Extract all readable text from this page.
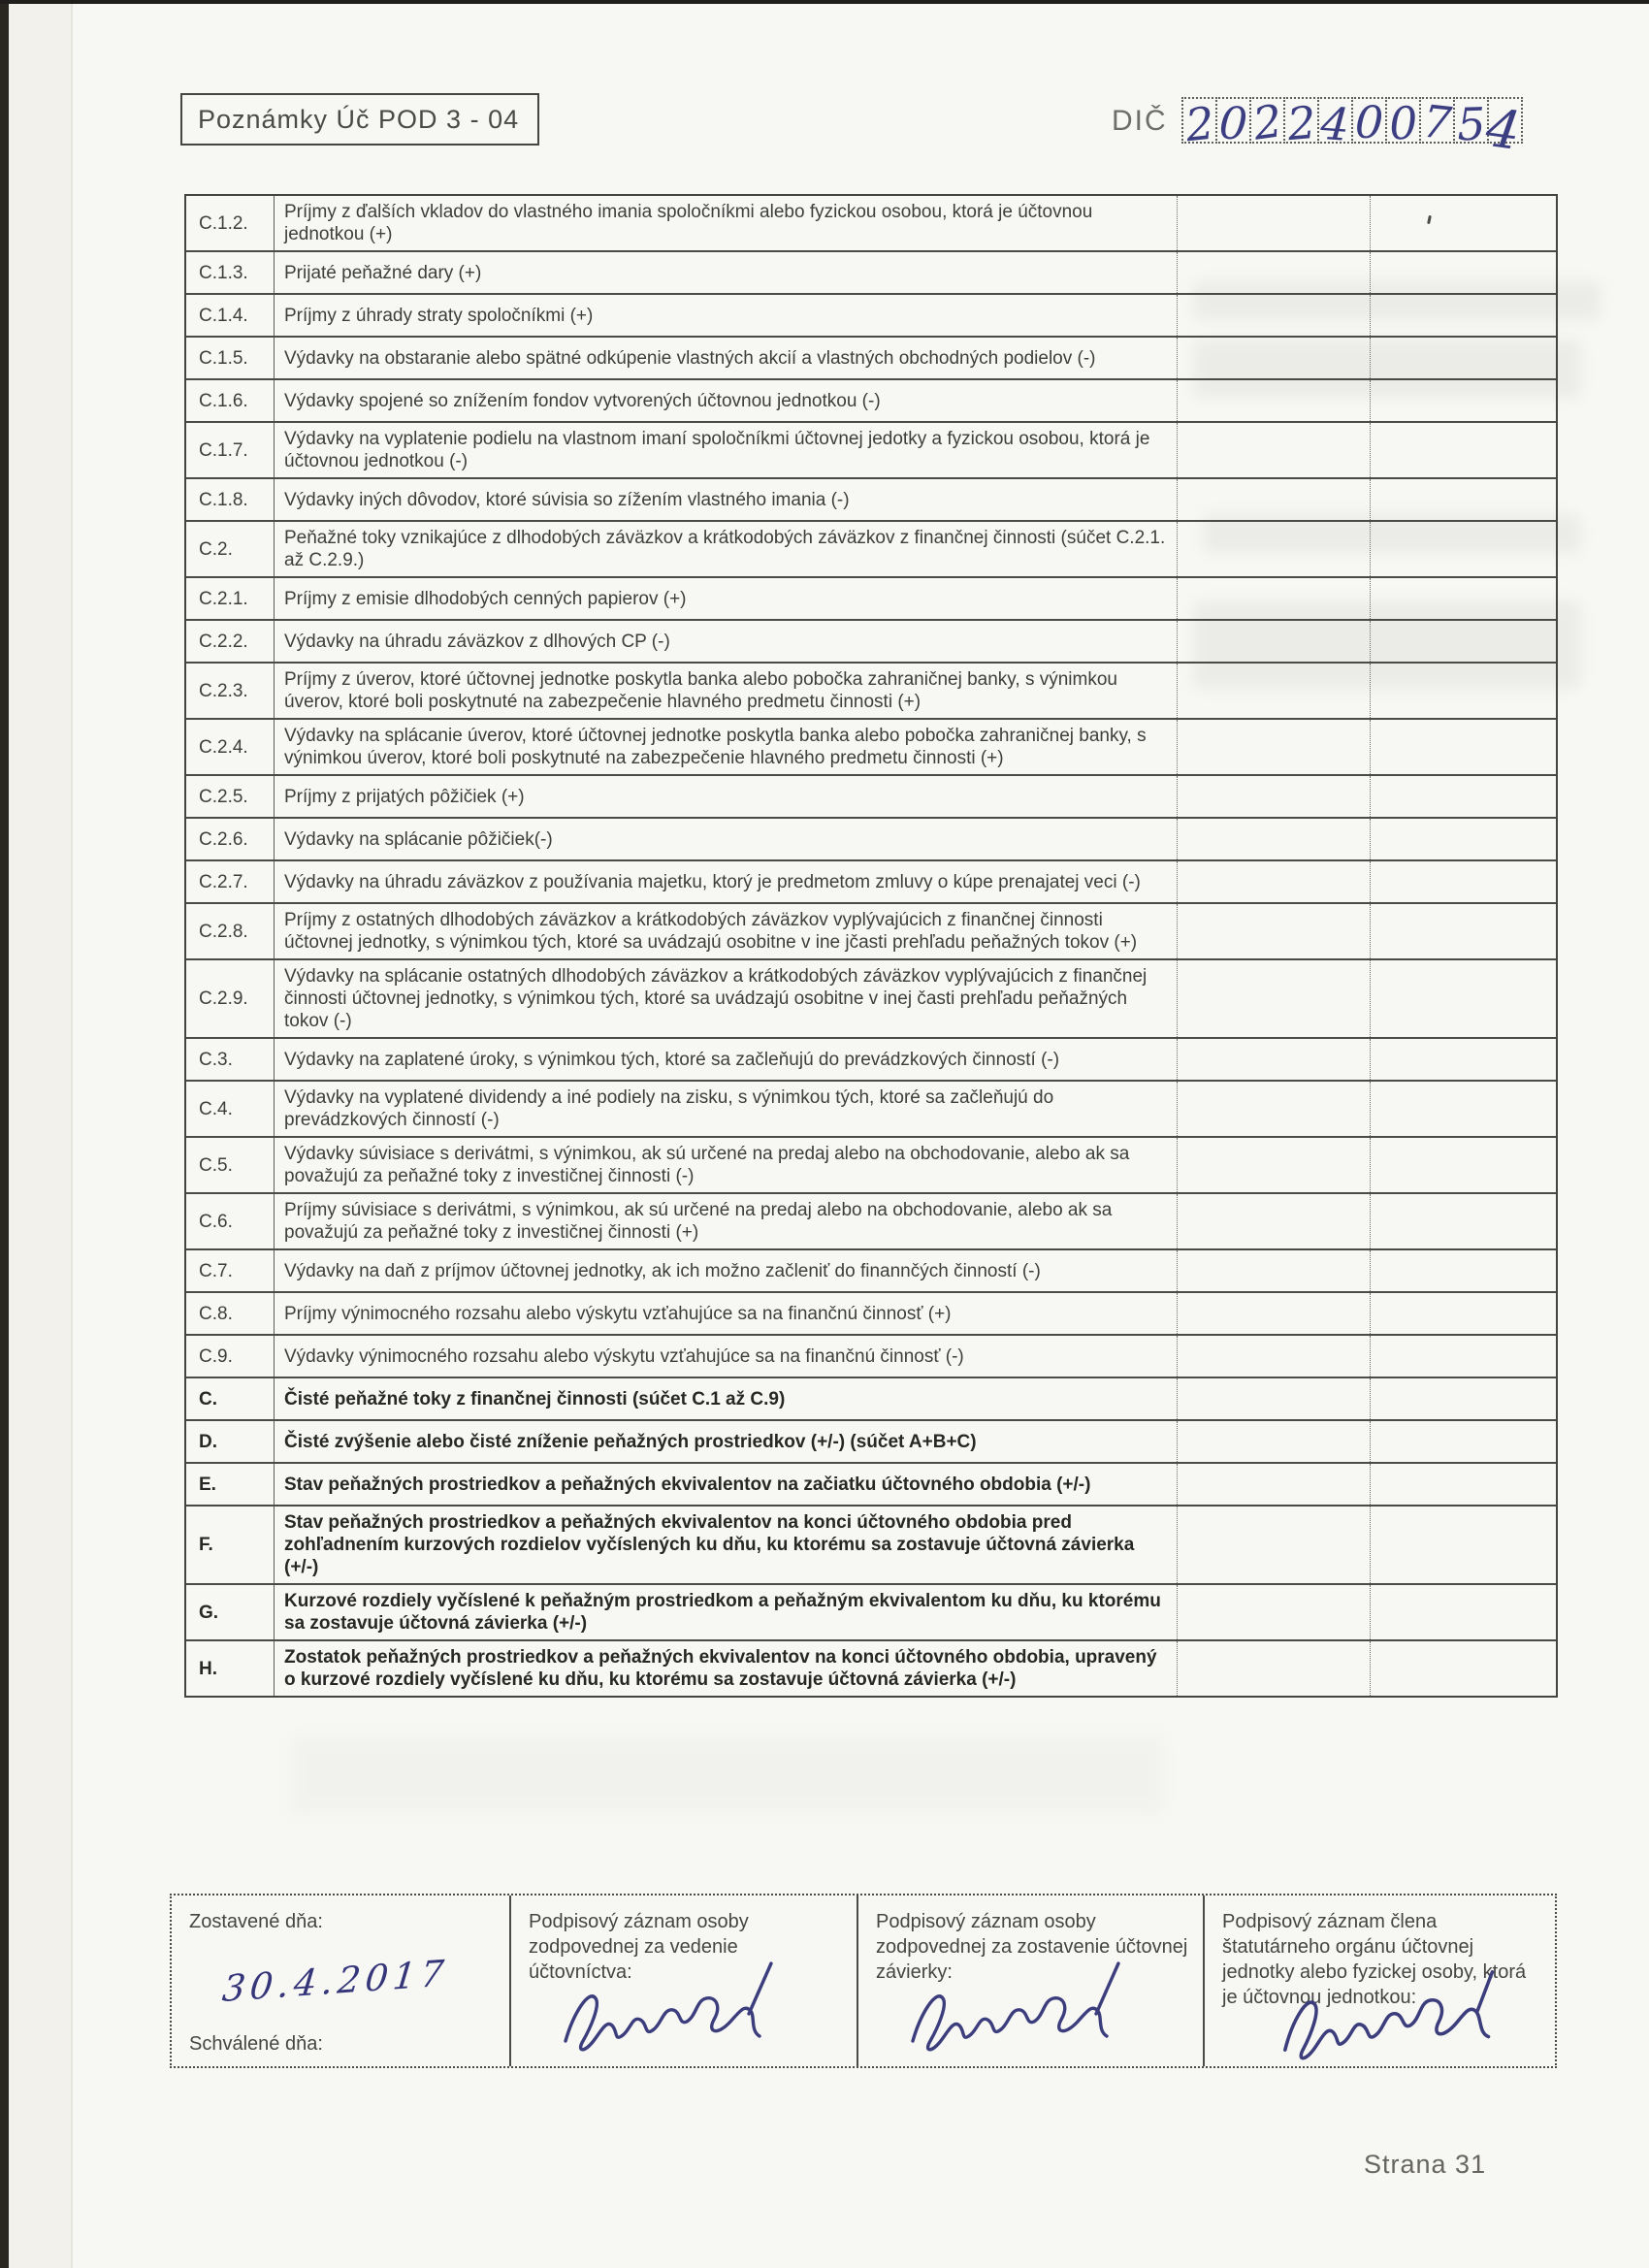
Poznámky Úč POD 3 - 04	DIČ 2 0 2 2 4 0 0 7 5
4
C.1.2.
Príjmy z ďalších vkladov do vlastného imania spoločníkmi alebo fyzickou osobou, ktorá je účtovnou jednotkou (+)
C.1.3.	Prijaté peňažné dary (+)
C.1.4.	Príjmy z úhrady straty spoločníkmi (+)
C.1.5.	Výdavky na obstaranie alebo spätné odkúpenie vlastných akcií a vlastných obchodných podielov (-)
C.1.6.	Výdavky spojené so znížením fondov vytvorených účtovnou jednotkou (-)
C.1.7.
Výdavky na vyplatenie podielu na vlastnom imaní spoločníkmi účtovnej jedotky a fyzickou osobou, ktorá je účtovnou jednotkou (-)
C.1.8.	Výdavky iných dôvodov, ktoré súvisia so zížením vlastného imania (-)
C.2.
Peňažné toky vznikajúce z dlhodobých záväzkov a krátkodobých záväzkov z finančnej činnosti (súčet C.2.1. až C.2.9.)
C.2.1.	Príjmy z emisie dlhodobých cenných papierov (+)
C.2.2.	Výdavky na úhradu záväzkov z dlhových CP (-)
C.2.3.
Príjmy z úverov, ktoré účtovnej jednotke poskytla banka alebo pobočka zahraničnej banky, s výnimkou úverov, ktoré boli poskytnuté na zabezpečenie hlavného predmetu činnosti (+)
C.2.4.
Výdavky na splácanie úverov, ktoré účtovnej jednotke poskytla banka alebo pobočka zahraničnej banky, s výnimkou úverov, ktoré boli poskytnuté na zabezpečenie hlavného predmetu činnosti (+)
C.2.5.	Príjmy z prijatých pôžičiek (+)
C.2.6.	Výdavky na splácanie pôžičiek(-)
C.2.7.	Výdavky na úhradu záväzkov z používania majetku, ktorý je predmetom zmluvy o kúpe prenajatej veci (-)
C.2.8.
Príjmy z ostatných dlhodobých záväzkov a krátkodobých záväzkov vyplývajúcich z finančnej činnosti účtovnej jednotky, s výnimkou tých, ktoré sa uvádzajú osobitne v ine jčasti prehľadu peňažných tokov (+)
C.2.9.
Výdavky na splácanie ostatných dlhodobých záväzkov a krátkodobých záväzkov vyplývajúcich z finančnej činnosti účtovnej jednotky, s výnimkou tých, ktoré sa uvádzajú osobitne v inej časti prehľadu peňažných tokov (-)
C.3.	Výdavky na zaplatené úroky, s výnimkou tých, ktoré sa začleňujú do prevádzkových činností (-)
C.4.
Výdavky na vyplatené dividendy a iné podiely na zisku, s výnimkou tých, ktoré sa začleňujú do prevádzkových činností (-)
C.5.
Výdavky súvisiace s derivátmi, s výnimkou, ak sú určené na predaj alebo na obchodovanie, alebo ak sa považujú za peňažné toky z investičnej činnosti (-)
C.6.
Príjmy súvisiace s derivátmi, s výnimkou, ak sú určené na predaj alebo na obchodovanie, alebo ak sa považujú za peňažné toky z investičnej činnosti (+)
C.7.	Výdavky na daň z príjmov účtovnej jednotky, ak ich možno začleniť do finannčých činností (-)
C.8.	Príjmy výnimocného rozsahu alebo výskytu vzťahujúce sa na finančnú činnosť (+)
C.9.	Výdavky výnimocného rozsahu alebo výskytu vzťahujúce sa na finančnú činnosť (-)
C.	Čisté peňažné toky z finančnej činnosti (súčet C.1 až C.9)
D.	Čisté zvýšenie alebo čisté zníženie peňažných prostriedkov (+/-) (súčet A+B+C)
E.	Stav peňažných prostriedkov a peňažných ekvivalentov na začiatku účtovného obdobia (+/-)
F.
Stav peňažných prostriedkov a peňažných ekvivalentov na konci účtovného obdobia pred zohľadnením kurzových rozdielov vyčíslených ku dňu, ku ktorému sa zostavuje účtovná závierka (+/-)
G.
Kurzové rozdiely vyčíslené k peňažným prostriedkom a peňažným ekvivalentom ku dňu, ku ktorému sa zostavuje účtovná závierka (+/-)
H.
Zostatok peňažných prostriedkov a peňažných ekvivalentov na konci účtovného obdobia, upravený o kurzové rozdiely vyčíslené ku dňu, ku ktorému sa zostavuje účtovná závierka (+/-)
Zostavené dňa:
30.4.2017
Schválené dňa:
Podpisový záznam osoby zodpovednej za vedenie účtovníctva:
Podpisový záznam osoby zodpovednej za zostavenie účtovnej závierky:
Podpisový záznam člena štatutárneho orgánu účtovnej jednotky alebo fyzickej osoby, ktorá je účtovnou jednotkou:
Strana 31
